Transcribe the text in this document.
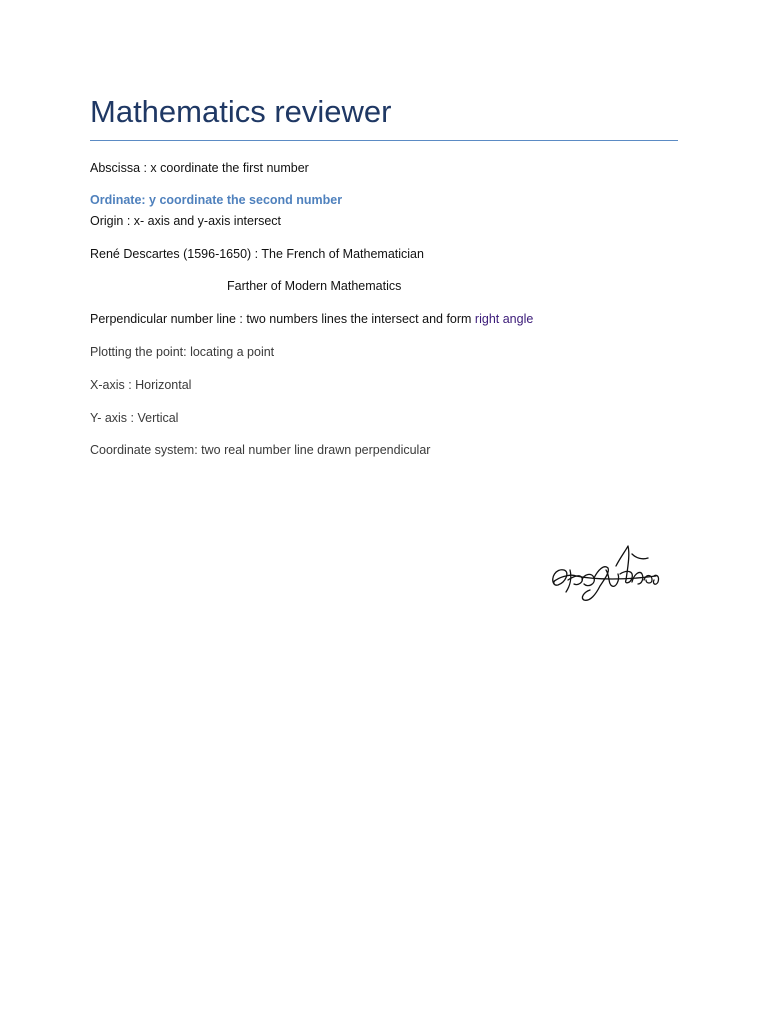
Mathematics reviewer

Abscissa : x coordinate the first number

Ordinate: y coordinate the second number

Origin : x- axis and y-axis intersect

René Descartes (1596-1650) : The French of Mathematician

Farther of Modern Mathematics

Perpendicular number line : two numbers lines the intersect and form right angle

Plotting the point: locating a point

X-axis : Horizontal

Y- axis : Vertical

Coordinate system: two real number line drawn perpendicular
